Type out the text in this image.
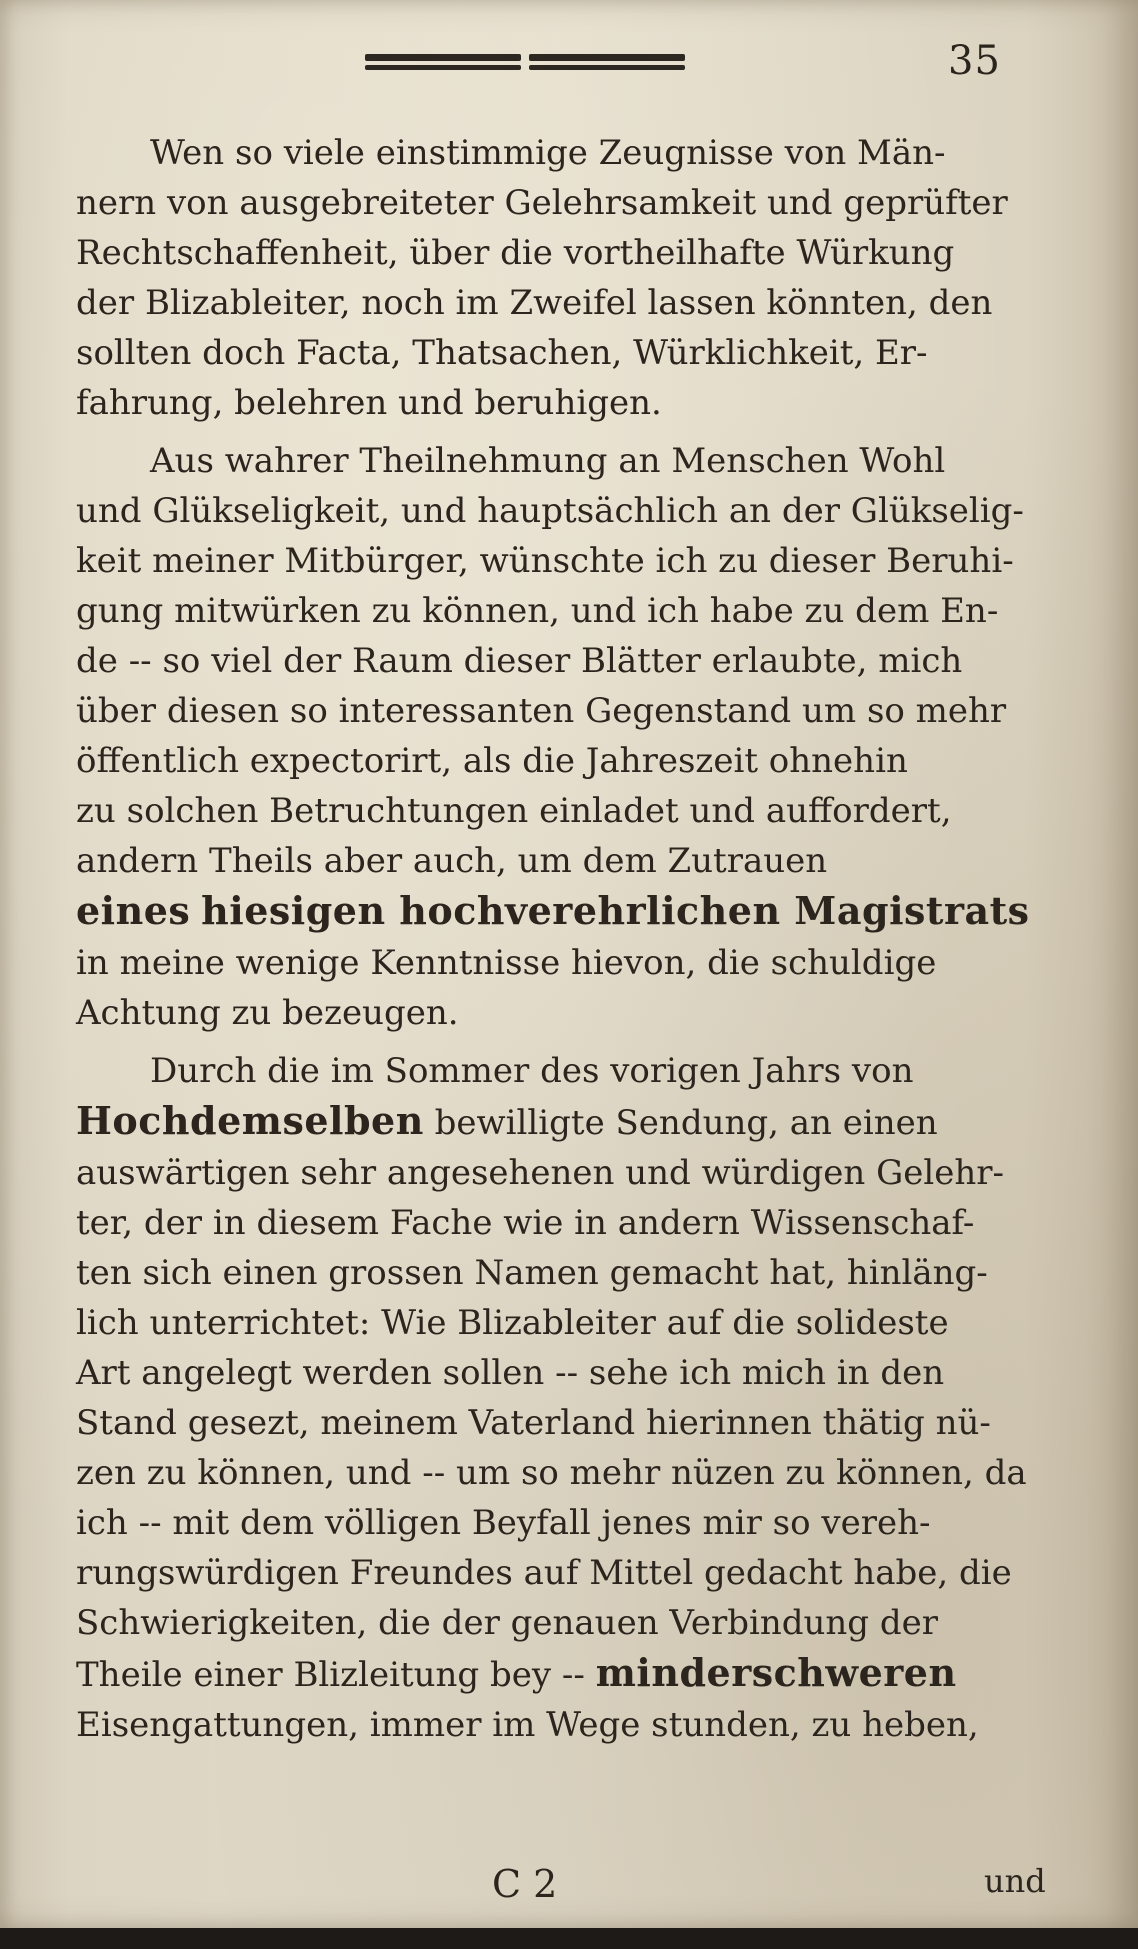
35
Wen so viele einstimmige Zeugnisse von Män-
nern von ausgebreiteter Gelehrsamkeit und geprüfter
Rechtschaffenheit, über die vortheilhafte Würkung
der Blizableiter, noch im Zweifel lassen könnten, den
sollten doch Facta, Thatsachen, Würklichkeit, Er-
fahrung, belehren und beruhigen.
Aus wahrer Theilnehmung an Menschen Wohl
und Glükseligkeit, und hauptsächlich an der Glükselig-
keit meiner Mitbürger, wünschte ich zu dieser Beruhi-
gung mitwürken zu können, und ich habe zu dem En-
de -- so viel der Raum dieser Blätter erlaubte, mich
über diesen so interessanten Gegenstand um so mehr
öffentlich expectorirt, als die Jahreszeit ohnehin
zu solchen Betruchtungen einladet und auffordert,
andern Theils aber auch, um dem Zutrauen
eines hiesigen hochverehrlichen Magistrats
in meine wenige Kenntnisse hievon, die schuldige
Achtung zu bezeugen.
Durch die im Sommer des vorigen Jahrs von
Hochdemselben bewilligte Sendung, an einen
auswärtigen sehr angesehenen und würdigen Gelehr-
ter, der in diesem Fache wie in andern Wissenschaf-
ten sich einen grossen Namen gemacht hat, hinläng-
lich unterrichtet: Wie Blizableiter auf die solideste
Art angelegt werden sollen -- sehe ich mich in den
Stand gesezt, meinem Vaterland hierinnen thätig nü-
zen zu können, und -- um so mehr nüzen zu können, da
ich -- mit dem völligen Beyfall jenes mir so vereh-
rungswürdigen Freundes auf Mittel gedacht habe, die
Schwierigkeiten, die der genauen Verbindung der
Theile einer Blizleitung bey -- minderschweren
Eisengattungen, immer im Wege stunden, zu heben,
C 2	und
